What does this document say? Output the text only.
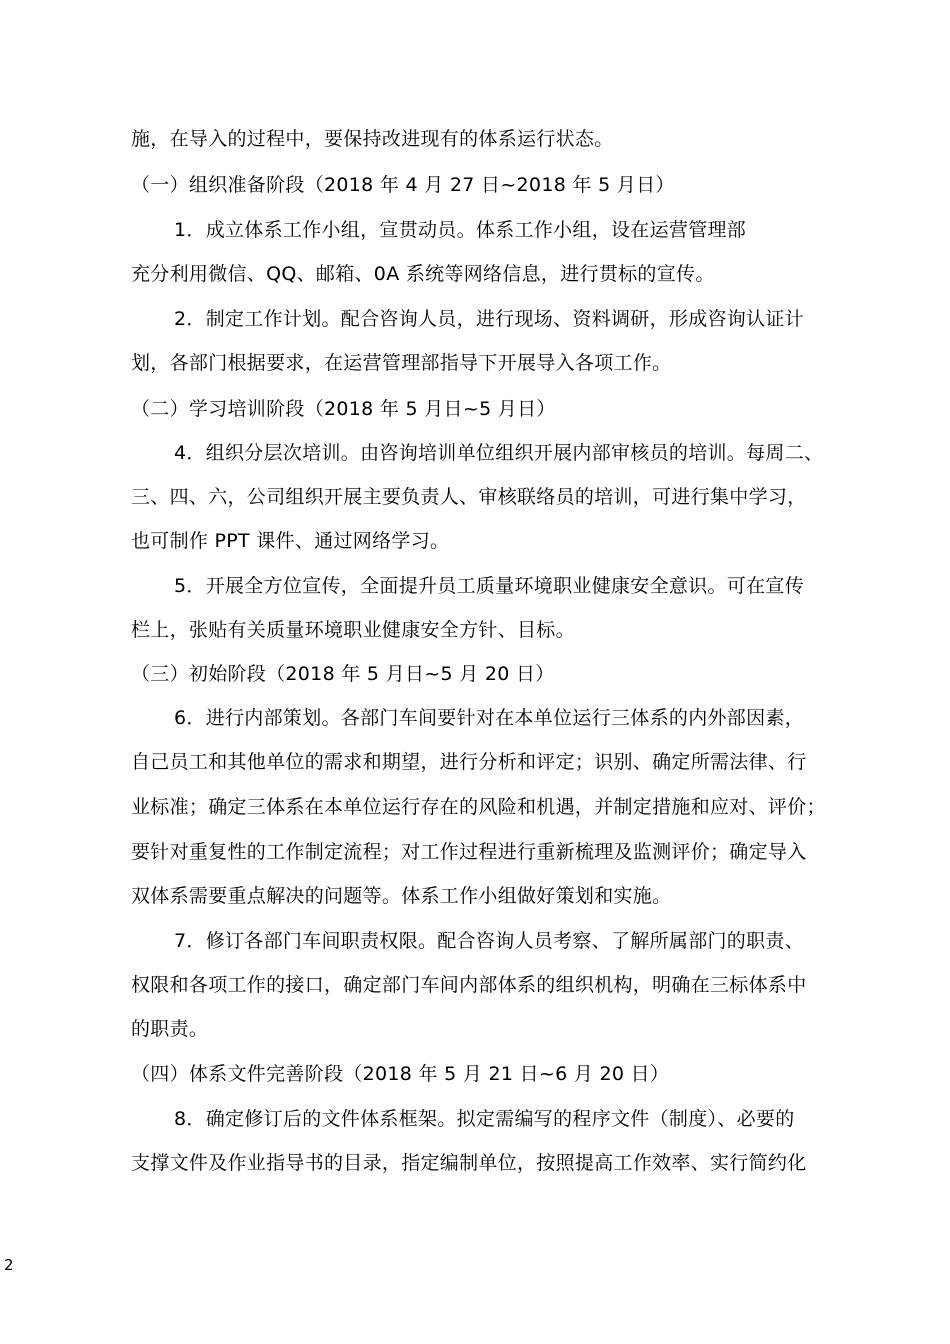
施，在导入的过程中，要保持改进现有的体系运行状态。
（一）组织准备阶段（2018 年 4 月 27 日~2018 年 5 月日）
1．成立体系工作小组，宣贯动员。体系工作小组，设在运营管理部
充分利用微信、QQ、邮箱、0A 系统等网络信息，进行贯标的宣传。
2．制定工作计划。配合咨询人员，进行现场、资料调研，形成咨询认证计
划，各部门根据要求，在运营管理部指导下开展导入各项工作。
（二）学习培训阶段（2018 年 5 月日~5 月日）
4．组织分层次培训。由咨询培训单位组织开展内部审核员的培训。每周二、
三、四、六，公司组织开展主要负责人、审核联络员的培训，可进行集中学习，
也可制作 PPT 课件、通过网络学习。
5．开展全方位宣传，全面提升员工质量环境职业健康安全意识。可在宣传
栏上，张贴有关质量环境职业健康安全方针、目标。
（三）初始阶段（2018 年 5 月日~5 月 20 日）
6．进行内部策划。各部门车间要针对在本单位运行三体系的内外部因素，
自己员工和其他单位的需求和期望，进行分析和评定；识别、确定所需法律、行
业标准；确定三体系在本单位运行存在的风险和机遇，并制定措施和应对、评价；
要针对重复性的工作制定流程；对工作过程进行重新梳理及监测评价；确定导入
双体系需要重点解决的问题等。体系工作小组做好策划和实施。
7．修订各部门车间职责权限。配合咨询人员考察、了解所属部门的职责、
权限和各项工作的接口，确定部门车间内部体系的组织机构，明确在三标体系中
的职责。
（四）体系文件完善阶段（2018 年 5 月 21 日~6 月 20 日）
8．确定修订后的文件体系框架。拟定需编写的程序文件（制度）、必要的
支撑文件及作业指导书的目录，指定编制单位，按照提高工作效率、实行简约化
2
